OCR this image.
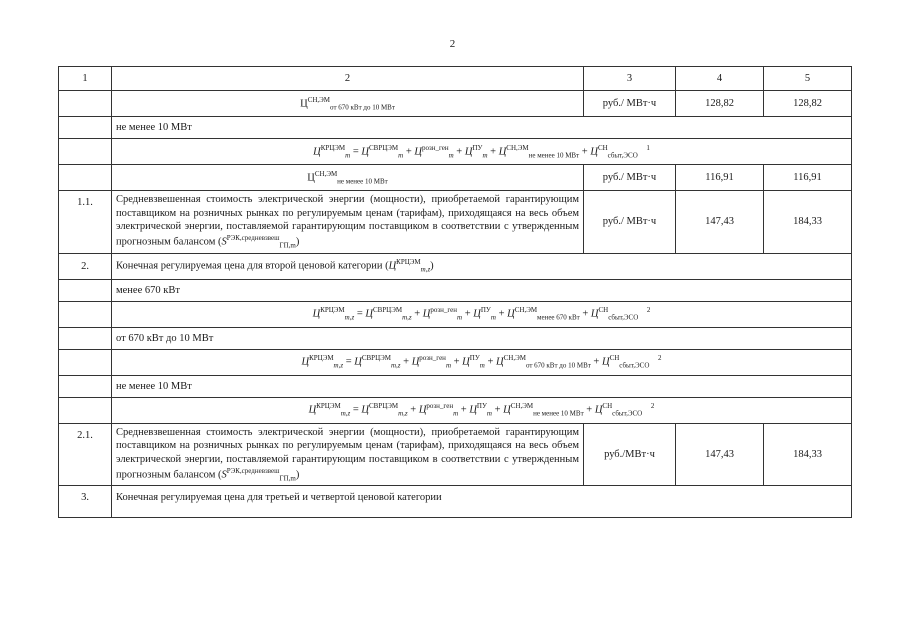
2
1	2	3	4	5
	$Ц^{СН,ЭМ}_{от 670 кВт до 10 МВт}$	руб./ МВт·ч	128,82	128,82
	не менее 10 МВт			
	$Ц^{КРЦЭМ}_m = Ц^{СВРЦЭМ}_m + Ц^{розн\_ген}_m + Ц^{ПУ}_m + Ц^{СН,ЭМ}_{не менее 10 МВт} + Ц^{СН}_{сбыт,ЭСО}$ $^1$
	$Ц^{СН,ЭМ}_{не менее 10 МВт}$	руб./ МВт·ч	116,91	116,91
1.1.	Средневзвешенная стоимость электрической энергии (мощности), приобретаемой гарантирующим поставщиком на розничных рынках по регулируемым ценам (тарифам), приходящаяся на весь объем электрической энергии, поставляемой гарантирующим поставщиком в соответствии с утвержденным прогнозным балансом $(S^{РЭК,средневзвеш}_{ГП,m})$	руб./ МВт·ч	147,43	184,33
2.	Конечная регулируемая цена для второй ценовой категории $(Ц^{КРЦЭМ}_{m,z})$			
	менее 670 кВт			
	$Ц^{КРЦЭМ}_{m,z} = Ц^{СВРЦЭМ}_{m,z} + Ц^{розн\_ген}_m + Ц^{ПУ}_m + Ц^{СН,ЭМ}_{менее 670 кВт} + Ц^{СН}_{сбыт,ЭСО}$ $^2$
	от 670 кВт до 10 МВт			
	$Ц^{КРЦЭМ}_{m,z} = Ц^{СВРЦЭМ}_{m,z} + Ц^{розн\_ген}_m + Ц^{ПУ}_m + Ц^{СН,ЭМ}_{от 670 кВт до 10 МВт} + Ц^{СН}_{сбыт,ЭСО}$ $^2$
	не менее 10 МВт			
	$Ц^{КРЦЭМ}_{m,z} = Ц^{СВРЦЭМ}_{m,z} + Ц^{розн\_ген}_m + Ц^{ПУ}_m + Ц^{СН,ЭМ}_{не менее 10 МВт} + Ц^{СН}_{сбыт,ЭСО}$ $^2$
2.1.	Средневзвешенная стоимость электрической энергии (мощности), приобретаемой гарантирующим поставщиком на розничных рынках по регулируемым ценам (тарифам), приходящаяся на весь объем электрической энергии, поставляемой гарантирующим поставщиком в соответствии с утвержденным прогнозным балансом $(S^{РЭК,средневзвеш}_{ГП,m})$	руб./МВт·ч	147,43	184,33
3.	Конечная регулируемая цена для третьей и четвертой ценовой категории			
